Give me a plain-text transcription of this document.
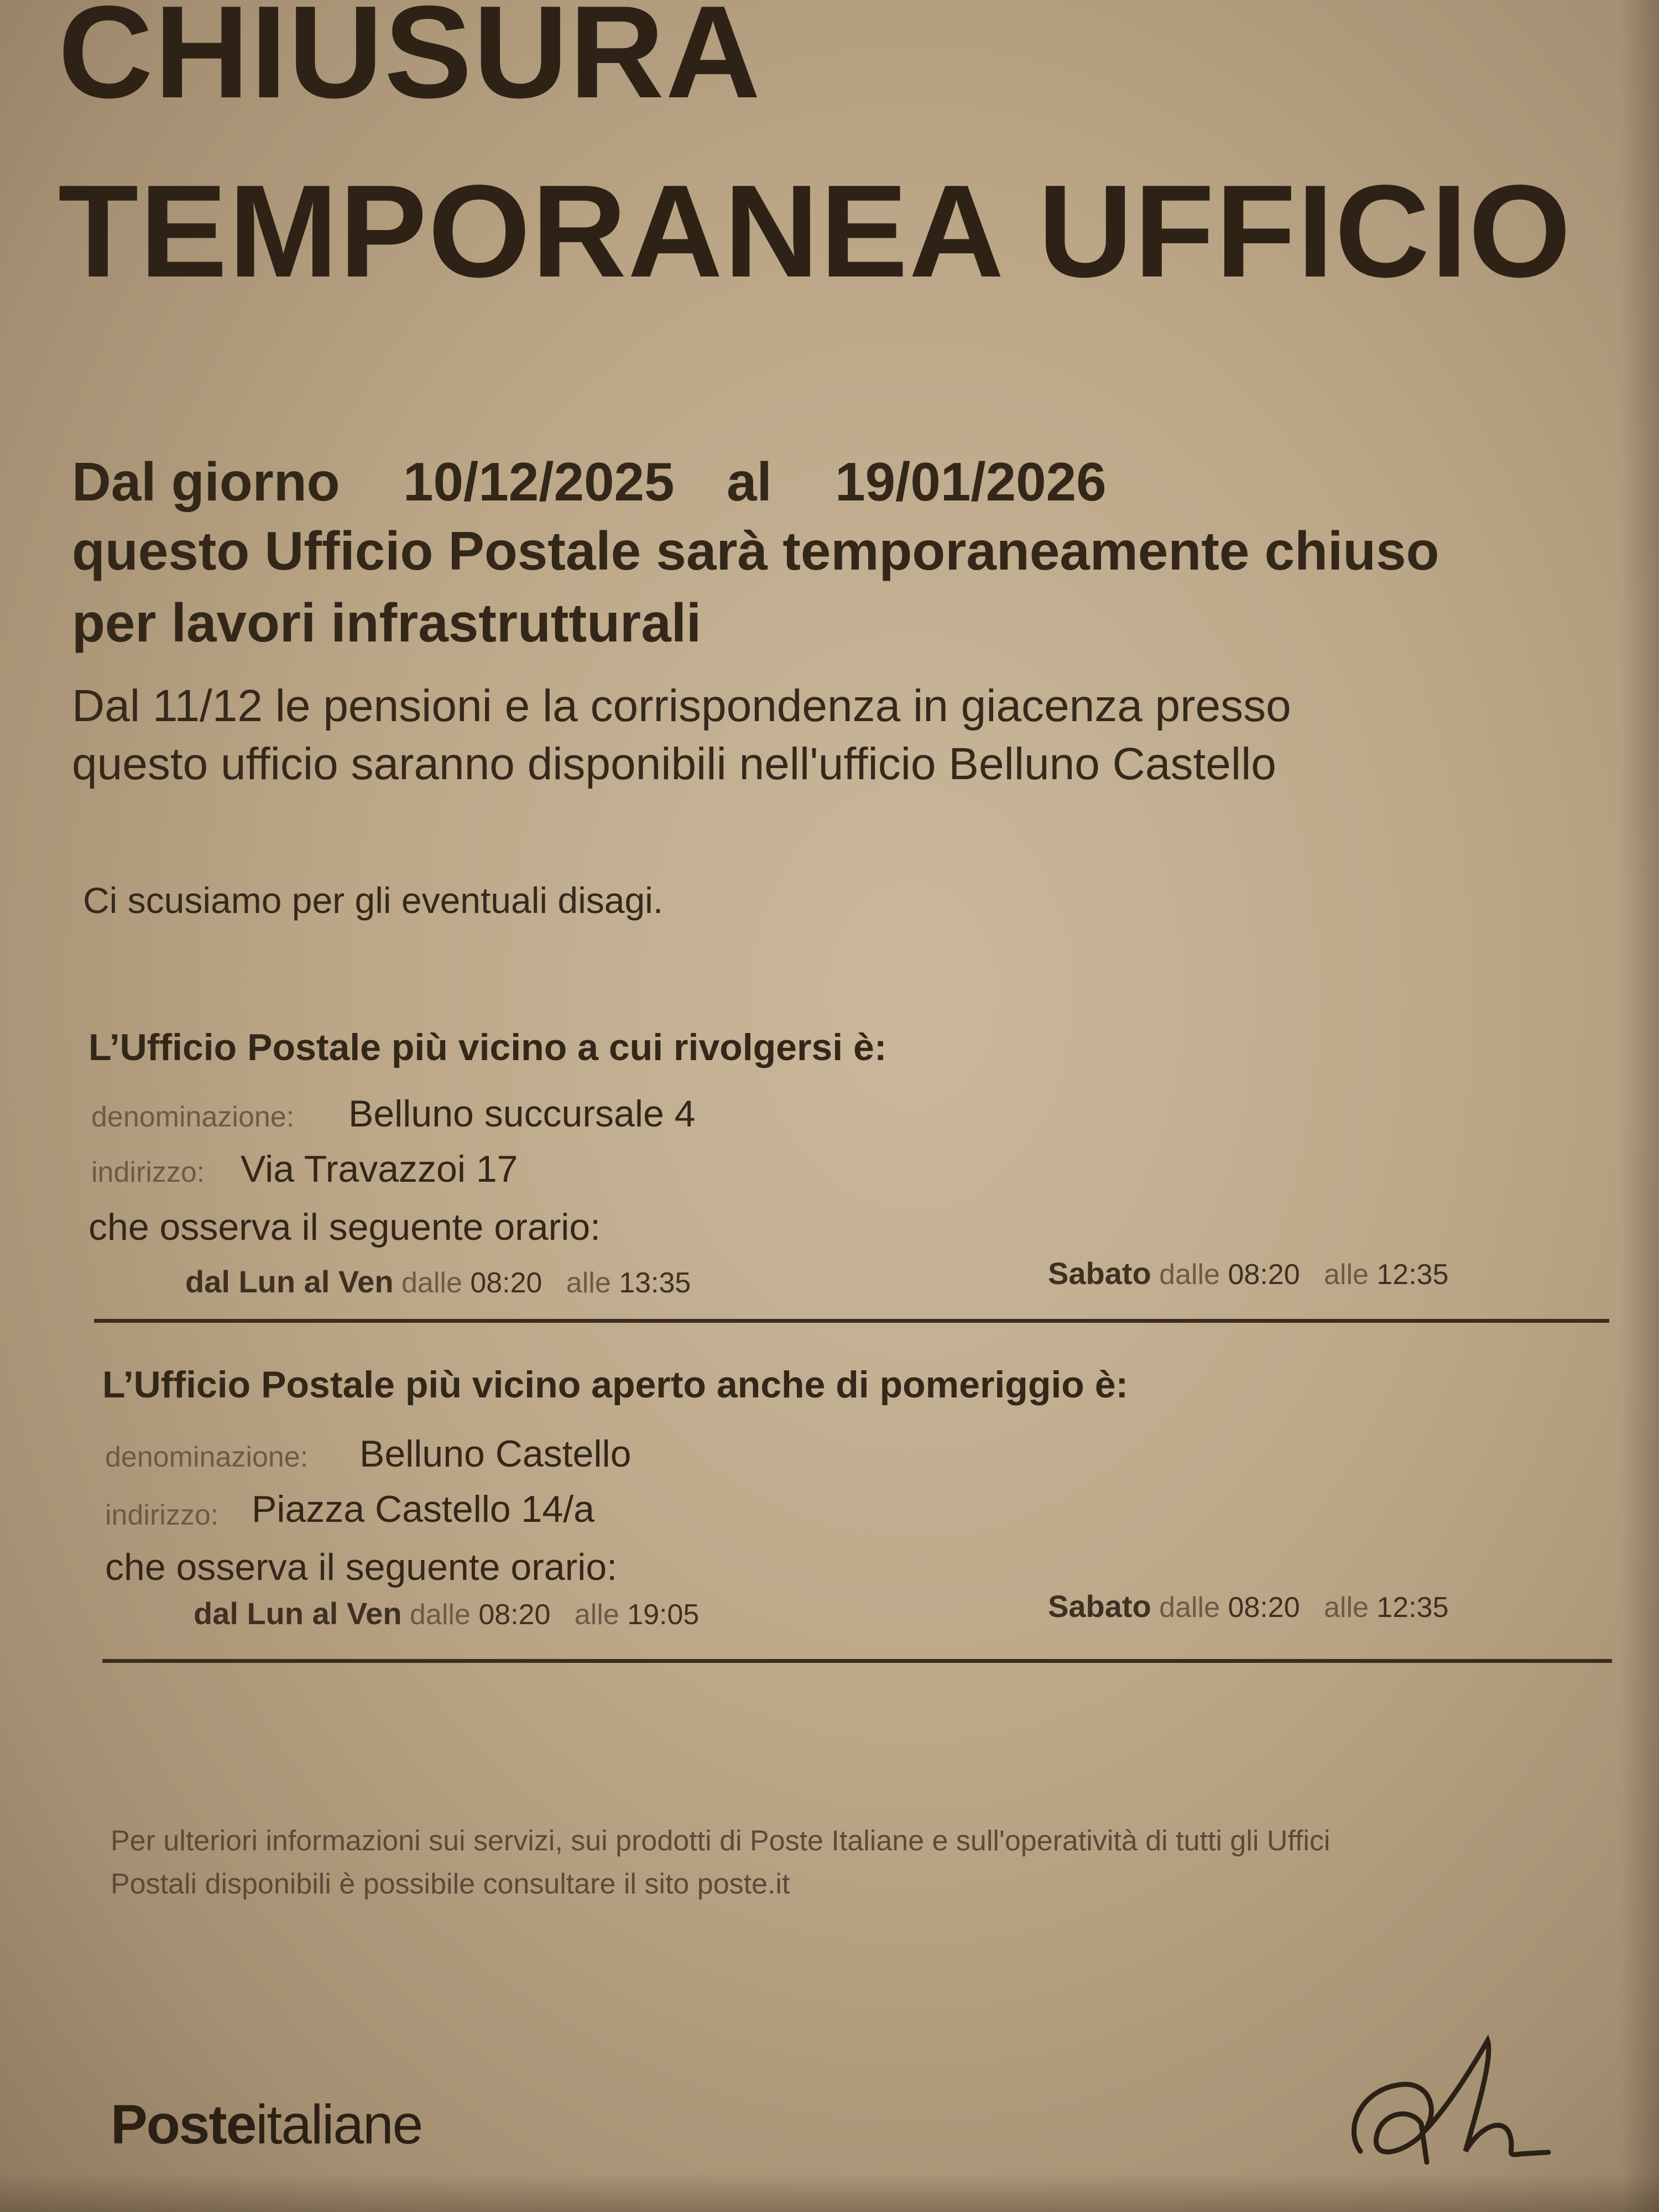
CHIUSURA
TEMPORANEA UFFICIO
Dal giorno 10/12/2025 al 19/01/2026
questo Ufficio Postale sarà temporaneamente chiuso
per lavori infrastrutturali
Dal 11/12 le pensioni e la corrispondenza in giacenza presso
questo ufficio saranno disponibili nell'ufficio Belluno Castello
Ci scusiamo per gli eventuali disagi.
L’Ufficio Postale più vicino a cui rivolgersi è:
denominazione: Belluno succursale 4
indirizzo: Via Travazzoi 17
che osserva il seguente orario:
dal Lun al Ven dalle 08:20 alle 13:35	Sabato dalle 08:20 alle 12:35
L’Ufficio Postale più vicino aperto anche di pomeriggio è:
denominazione: Belluno Castello
indirizzo: Piazza Castello 14/a
che osserva il seguente orario:
dal Lun al Ven dalle 08:20 alle 19:05	Sabato dalle 08:20 alle 12:35
Per ulteriori informazioni sui servizi, sui prodotti di Poste Italiane e sull'operatività di tutti gli Uffici
Postali disponibili è possibile consultare il sito poste.it
Posteitaliane
